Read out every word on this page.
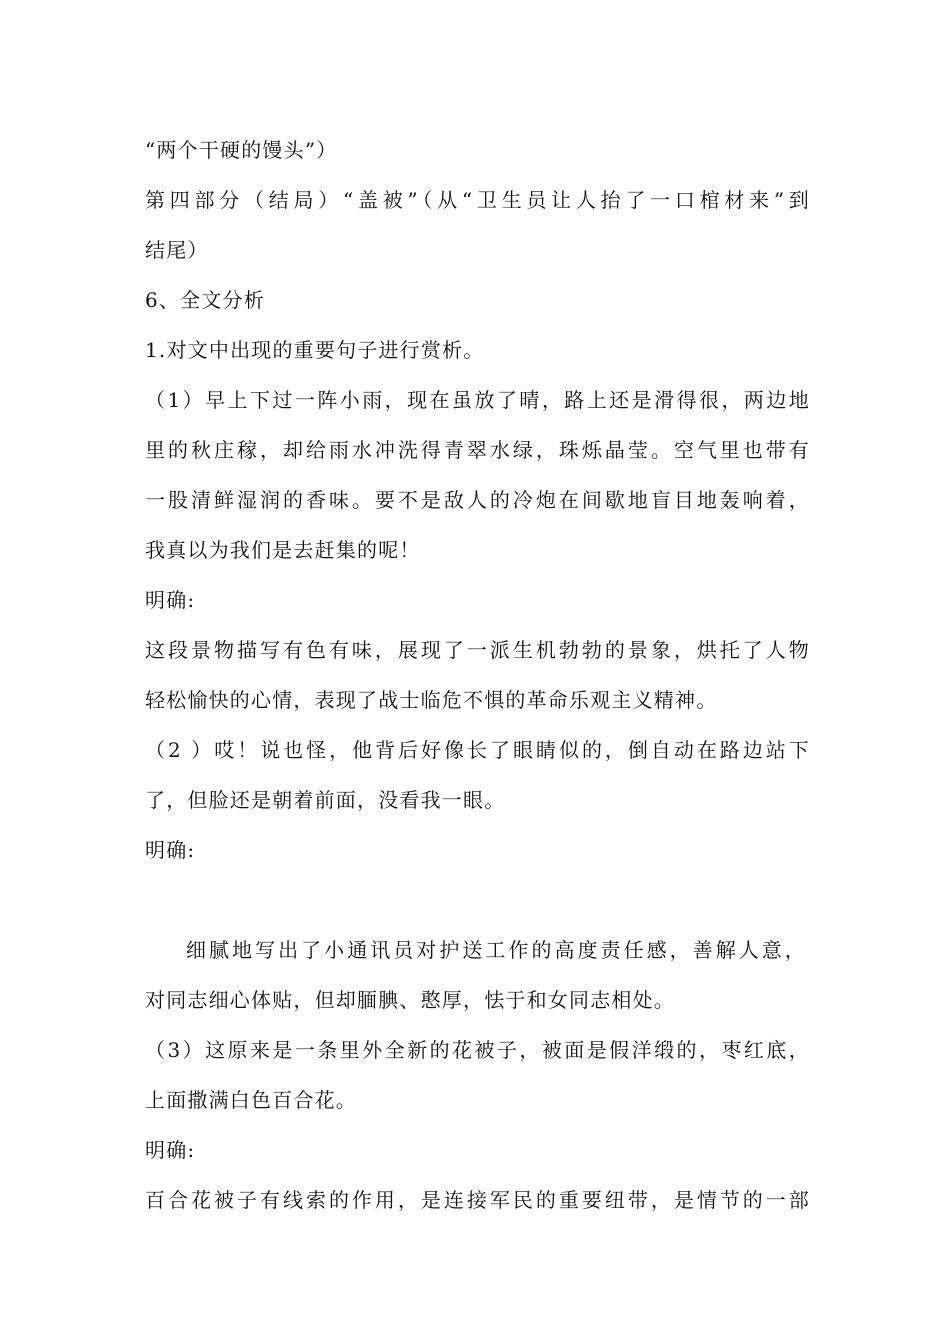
“两个干硬的馒头”）
第四部分（结局）“盖被”（从“卫生员让人抬了一口棺材来”到
结尾）
6、全文分析
1.对文中出现的重要句子进行赏析。
（1）早上下过一阵小雨，现在虽放了晴，路上还是滑得很，两边地
里的秋庄稼，却给雨水冲洗得青翠水绿，珠烁晶莹。空气里也带有
一股清鲜湿润的香味。要不是敌人的冷炮在间歇地盲目地轰响着，
我真以为我们是去赶集的呢！
明确:
这段景物描写有色有味，展现了一派生机勃勃的景象，烘托了人物
轻松愉快的心情，表现了战士临危不惧的革命乐观主义精神。
（2 ）哎！说也怪，他背后好像长了眼睛似的，倒自动在路边站下
了，但脸还是朝着前面，没看我一眼。
明确:
细腻地写出了小通讯员对护送工作的高度责任感，善解人意，
对同志细心体贴，但却腼腆、憨厚，怯于和女同志相处。
（3）这原来是一条里外全新的花被子，被面是假洋缎的，枣红底，
上面撒满白色百合花。
明确:
百合花被子有线索的作用，是连接军民的重要纽带，是情节的一部
